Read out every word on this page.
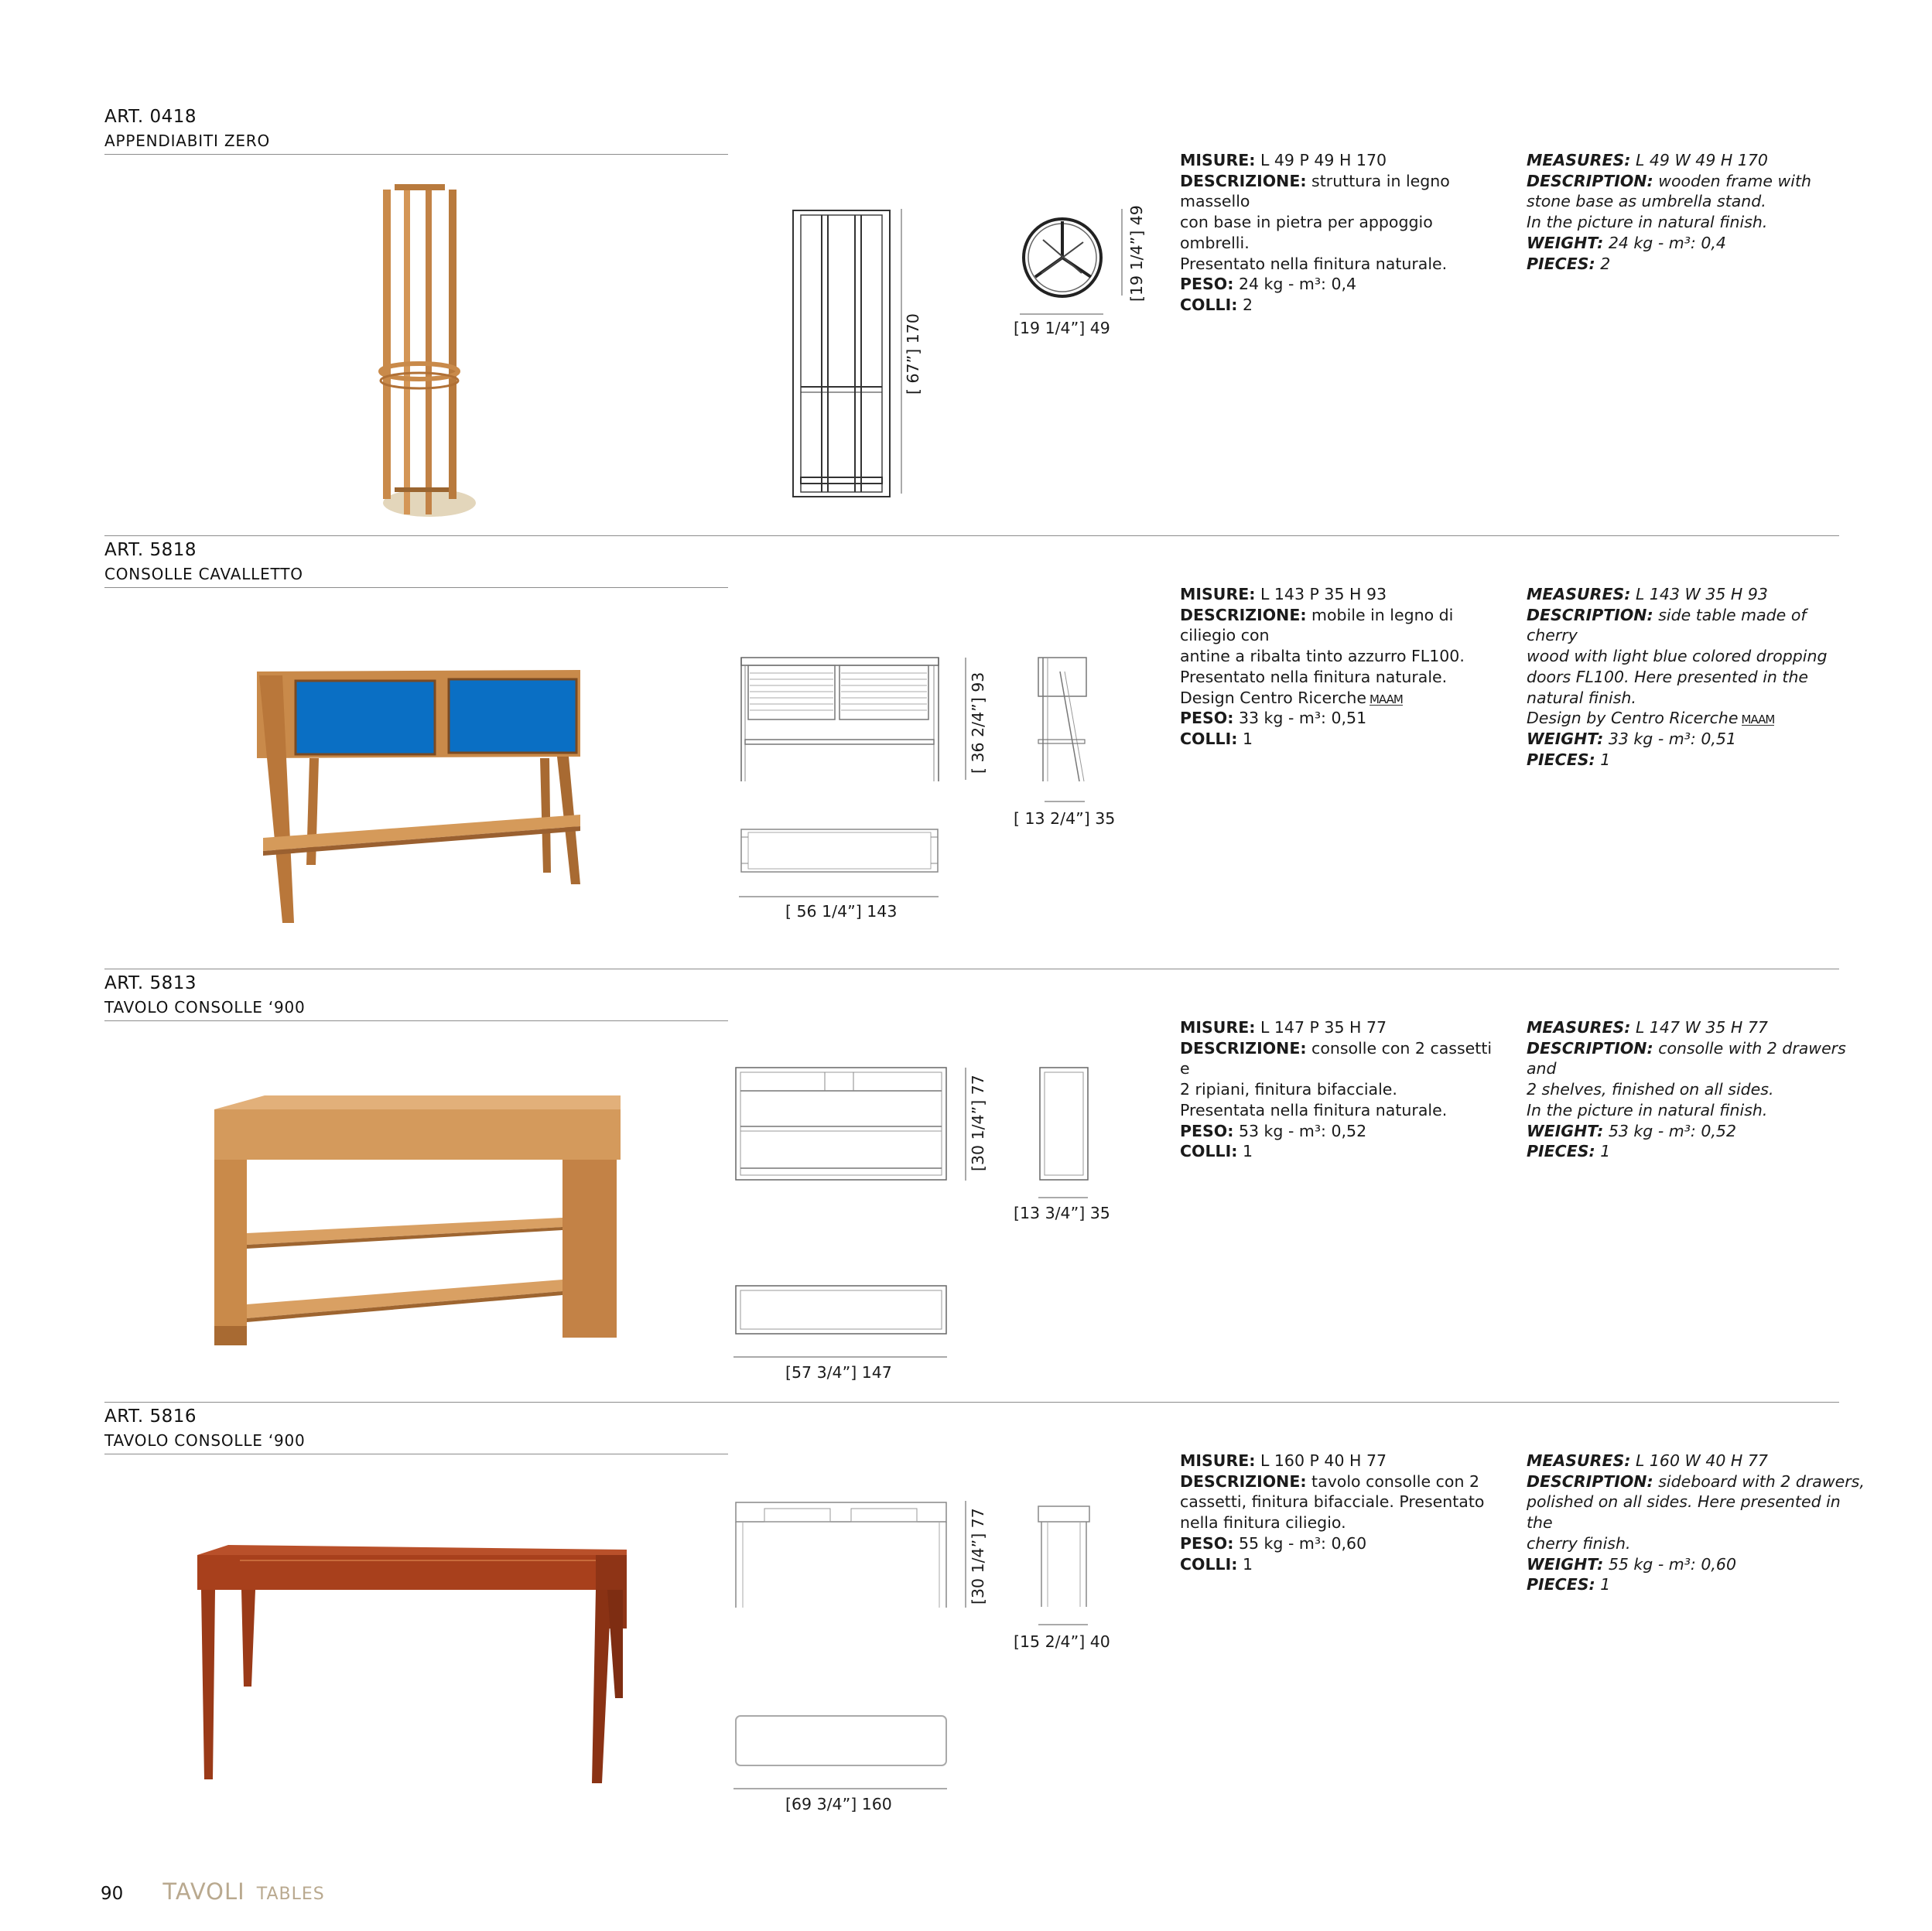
ART. 0418
APPENDIABITI ZERO
[ 67”] 170	[19 1/4”] 49
[19 1/4”] 49
MISURE: L 49 P 49 H 170
DESCRIZIONE: struttura in legno massello
con base in pietra per appoggio ombrelli.
Presentato nella finitura naturale.
PESO: 24 kg - m³: 0,4
COLLI: 2
MEASURES: L 49 W 49 H 170
DESCRIPTION: wooden frame with
stone base as umbrella stand.
In the picture in natural finish.
WEIGHT: 24 kg - m³: 0,4
PIECES: 2
ART. 5818
CONSOLLE CAVALLETTO
[ 36 2/4”] 93
[ 13 2/4”] 35
[ 56 1/4”] 143
MISURE: L 143 P 35 H 93
DESCRIZIONE: mobile in legno di ciliegio con
antine a ribalta tinto azzurro FL100.
Presentato nella finitura naturale.
Design Centro Ricerche MAAM
PESO: 33 kg - m³: 0,51
COLLI: 1
MEASURES: L 143 W 35 H 93
DESCRIPTION: side table made of cherry
wood with light blue colored dropping
doors FL100. Here presented in the
natural finish.
Design by Centro Ricerche MAAM
WEIGHT: 33 kg - m³: 0,51
PIECES: 1
ART. 5813
TAVOLO CONSOLLE ‘900
[30 1/4”] 77
[13 3/4”] 35
[57 3/4”] 147
MISURE: L 147 P 35 H 77
DESCRIZIONE: consolle con 2 cassetti e
2 ripiani, finitura bifacciale.
Presentata nella finitura naturale.
PESO: 53 kg - m³: 0,52
COLLI: 1
MEASURES: L 147 W 35 H 77
DESCRIPTION: consolle with 2 drawers and
2 shelves, finished on all sides.
In the picture in natural finish.
WEIGHT: 53 kg - m³: 0,52
PIECES: 1
ART. 5816
TAVOLO CONSOLLE ‘900
[30 1/4”] 77
[15 2/4”] 40
[69 3/4”] 160
MISURE: L 160 P 40 H 77
DESCRIZIONE: tavolo consolle con 2
cassetti, finitura bifacciale. Presentato
nella finitura ciliegio.
PESO: 55 kg - m³: 0,60
COLLI: 1
MEASURES: L 160 W 40 H 77
DESCRIPTION: sideboard with 2 drawers,
polished on all sides. Here presented in the
cherry finish.
WEIGHT: 55 kg - m³: 0,60
PIECES: 1
90 TAVOLI TABLES
